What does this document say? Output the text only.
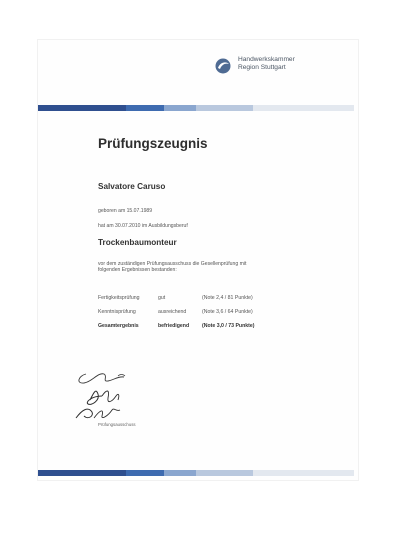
Handwerkskammer
Region Stuttgart
Prüfungszeugnis
Salvatore Caruso
geboren am 15.07.1989
hat am 30.07.2010 im Ausbildungsberuf
Trockenbaumonteur
vor dem zuständigen Prüfungsausschuss die Gesellenprüfung mit
folgenden Ergebnissen bestanden:
Fertigkeitsprüfung	gut	(Note 2,4 / 81 Punkte)
Kenntnisprüfung	ausreichend	(Note 3,6 / 64 Punkte)
Gesamtergebnis	befriedigend (Note 3,0 / 73 Punkte)
Prüfungsausschuss
